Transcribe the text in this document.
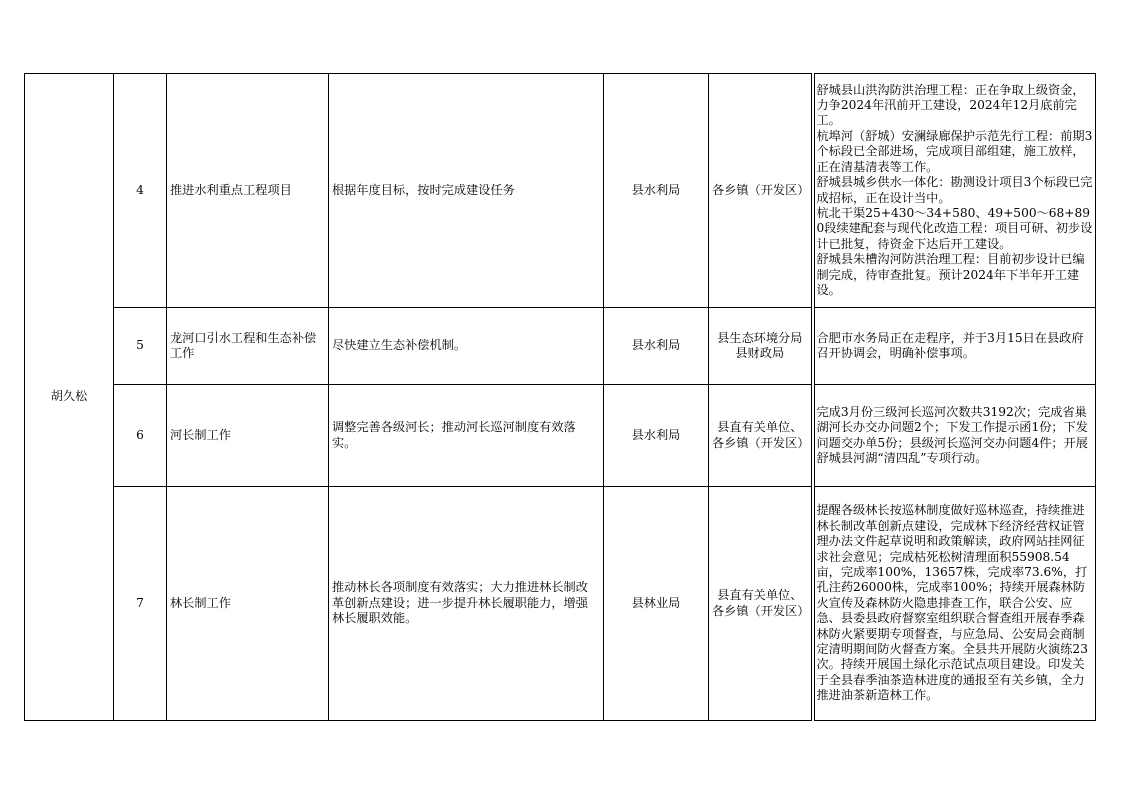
胡久松	4	推进水利重点工程项目	根据年度目标，按时完成建设任务	县水利局	各乡镇（开发区）	舒城县山洪沟防洪治理工程：正在争取上级资金，力争2024年汛前开工建设，2024年12月底前完工。
杭埠河（舒城）安澜绿廊保护示范先行工程：前期3个标段已全部进场，完成项目部组建，施工放样，正在清基清表等工作。
舒城县城乡供水一体化：勘测设计项目3个标段已完成招标，正在设计当中。
杭北干渠25+430～34+580、49+500～68+890段续建配套与现代化改造工程：项目可研、初步设计已批复，待资金下达后开工建设。
舒城县朱槽沟河防洪治理工程：目前初步设计已编制完成，待审查批复。预计2024年下半年开工建设。
	5	龙河口引水工程和生态补偿工作	尽快建立生态补偿机制。	县水利局	县生态环境分局
县财政局	合肥市水务局正在走程序，并于3月15日在县政府召开协调会，明确补偿事项。
	6	河长制工作	调整完善各级河长；推动河长巡河制度有效落实。	县水利局	县直有关单位、各乡镇（开发区）	完成3月份三级河长巡河次数共3192次；完成省巢湖河长办交办问题2个；下发工作提示函1份；下发问题交办单5份；县级河长巡河交办问题4件；开展舒城县河湖“清四乱”专项行动。
	7	林长制工作	推动林长各项制度有效落实；大力推进林长制改革创新点建设；进一步提升林长履职能力，增强林长履职效能。	县林业局	县直有关单位、各乡镇（开发区）	提醒各级林长按巡林制度做好巡林巡查，持续推进林长制改革创新点建设，完成林下经济经营权证管理办法文件起草说明和政策解读，政府网站挂网征求社会意见；完成枯死松树清理面积55908.54亩，完成率100%，13657株，完成率73.6%，打孔注药26000株，完成率100%；持续开展森林防火宣传及森林防火隐患排查工作，联合公安、应急、县委县政府督察室组织联合督查组开展春季森林防火紧要期专项督查，与应急局、公安局会商制定清明期间防火督查方案。全县共开展防火演练23次。持续开展国土绿化示范试点项目建设。印发关于全县春季油茶造林进度的通报至有关乡镇，全力推进油茶新造林工作。
